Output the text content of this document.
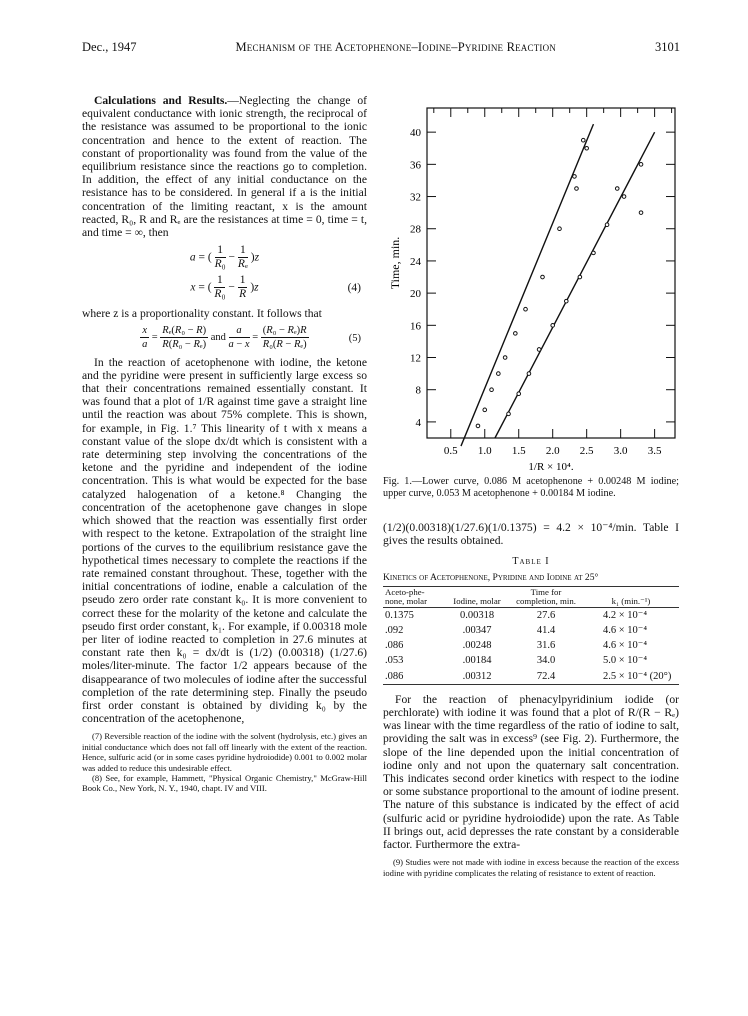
Dec., 1947	Mechanism of the Acetophenone–Iodine–Pyridine Reaction	3101

Calculations and Results.—Neglecting the change of equivalent conductance with ionic strength, the reciprocal of the resistance was assumed to be proportional to the ionic concentration and hence to the extent of reaction. The constant of proportionality was found from the value of the equilibrium resistance since the reactions go to completion. In addition, the effect of any initial conductance on the resistance has to be considered. In general if a is the initial concentration of the limiting reactant, x is the amount reacted, R₀, R and Rₑ are the resistances at time = 0, time = t, and time = ∞, then

a = ( $\frac{1}{\text{R₀}} - \frac{1}{\text{Rₑ}} )z$
x = ( $\frac{1}{\text{R₀}} - \frac{1}{R} )z$	(4)

where z is a proportionality constant. It follows that

$\frac{x}{a} = \frac{\text{Rₑ(R₀ − R)}}{\text{R(R₀ − Rₑ)}}$ and $\frac{a}{a - x} = \frac{\text{(R₀ − Rₑ)R}}{\text{R₀(R − Rₑ)}}$	(5)

In the reaction of acetophenone with iodine, the ketone and the pyridine were present in sufficiently large excess so that their concentrations remained essentially constant. It was found that a plot of 1/R against time gave a straight line until the reaction was about 75% complete. This is shown, for example, in Fig. 1.⁷ This linearity of t with x means a constant value of the slope dx/dt which is consistent with a rate determining step involving the concentrations of the ketone and the pyridine and independent of the iodine concentration. This is what would be expected for the base catalyzed halogenation of a ketone.⁸ Changing the concentration of the acetophenone gave changes in slope which showed that the reaction was essentially first order with respect to the ketone. Extrapolation of the straight line portions of the curves to the equilibrium resistance gave the hypothetical times necessary to complete the reactions if the rate remained constant throughout. These, together with the initial concentrations of iodine, enable a calculation of the pseudo zero order rate constant k₀. It is more convenient to correct these for the molarity of the ketone and calculate the pseudo first order constant, k₁. For example, if 0.00318 mole per liter of iodine reacted to completion in 27.6 minutes at constant rate then k₀ = dx/dt is (1/2) (0.00318) (1/27.6) moles/liter-minute. The factor 1/2 appears because of the disappearance of two molecules of iodine after the successful completion of the rate determining step. Finally the pseudo first order constant is obtained by dividing k₀ by the concentration of the acetophenone,

(7) Reversible reaction of the iodine with the solvent (hydrolysis, etc.) gives an initial conductance which does not fall off linearly with the extent of the reaction. Hence, sulfuric acid (or in some cases pyridine hydroiodide) 0.001 to 0.002 molar was added to reduce this undesirable effect.

(8) See, for example, Hammett, "Physical Organic Chemistry," McGraw-Hill Book Co., New York, N. Y., 1940, chapt. IV and VIII.

40
36
32
28
24
20
16
12
8
4
0.5 1.0 1.5 2.0 2.5 3.0 3.5
1/R × 10⁴.
Time, min.
Fig. 1.—Lower curve, 0.086 M acetophenone + 0.00248 M iodine; upper curve, 0.053 M acetophenone + 0.00184 M iodine.

(1/2)(0.00318)(1/27.6)(1/0.1375) = 4.2 × 10⁻⁴/min. Table I gives the results obtained.

Table I
Kinetics of Acetophenone, Pyridine and Iodine at 25°
Aceto-phe-none, molar	Iodine, molar	Time for completion, min.	k₁ (min.⁻¹)
0.1375	0.00318	27.6	4.2 × 10⁻⁴
.092	.00347	41.4	4.6 × 10⁻⁴
.086	.00248	31.6	4.6 × 10⁻⁴
.053	.00184	34.0	5.0 × 10⁻⁴
.086	.00312	72.4	2.5 × 10⁻⁴ (20°)

For the reaction of phenacylpyridinium iodide (or perchlorate) with iodine it was found that a plot of R/(R − Rₑ) was linear with the time regardless of the ratio of iodine to salt, providing the salt was in excess⁹ (see Fig. 2). Furthermore, the slope of the line depended upon the initial concentration of iodine only and not upon the quaternary salt concentration. This indicates second order kinetics with respect to the iodine or some substance proportional to the amount of iodine present. The nature of this substance is indicated by the effect of acid (sulfuric acid or pyridine hydroiodide) upon the rate. As Table II brings out, acid depresses the rate constant by a considerable factor. Furthermore the extra-

(9) Studies were not made with iodine in excess because the reaction of the excess iodine with pyridine complicates the relating of resistance to extent of reaction.
